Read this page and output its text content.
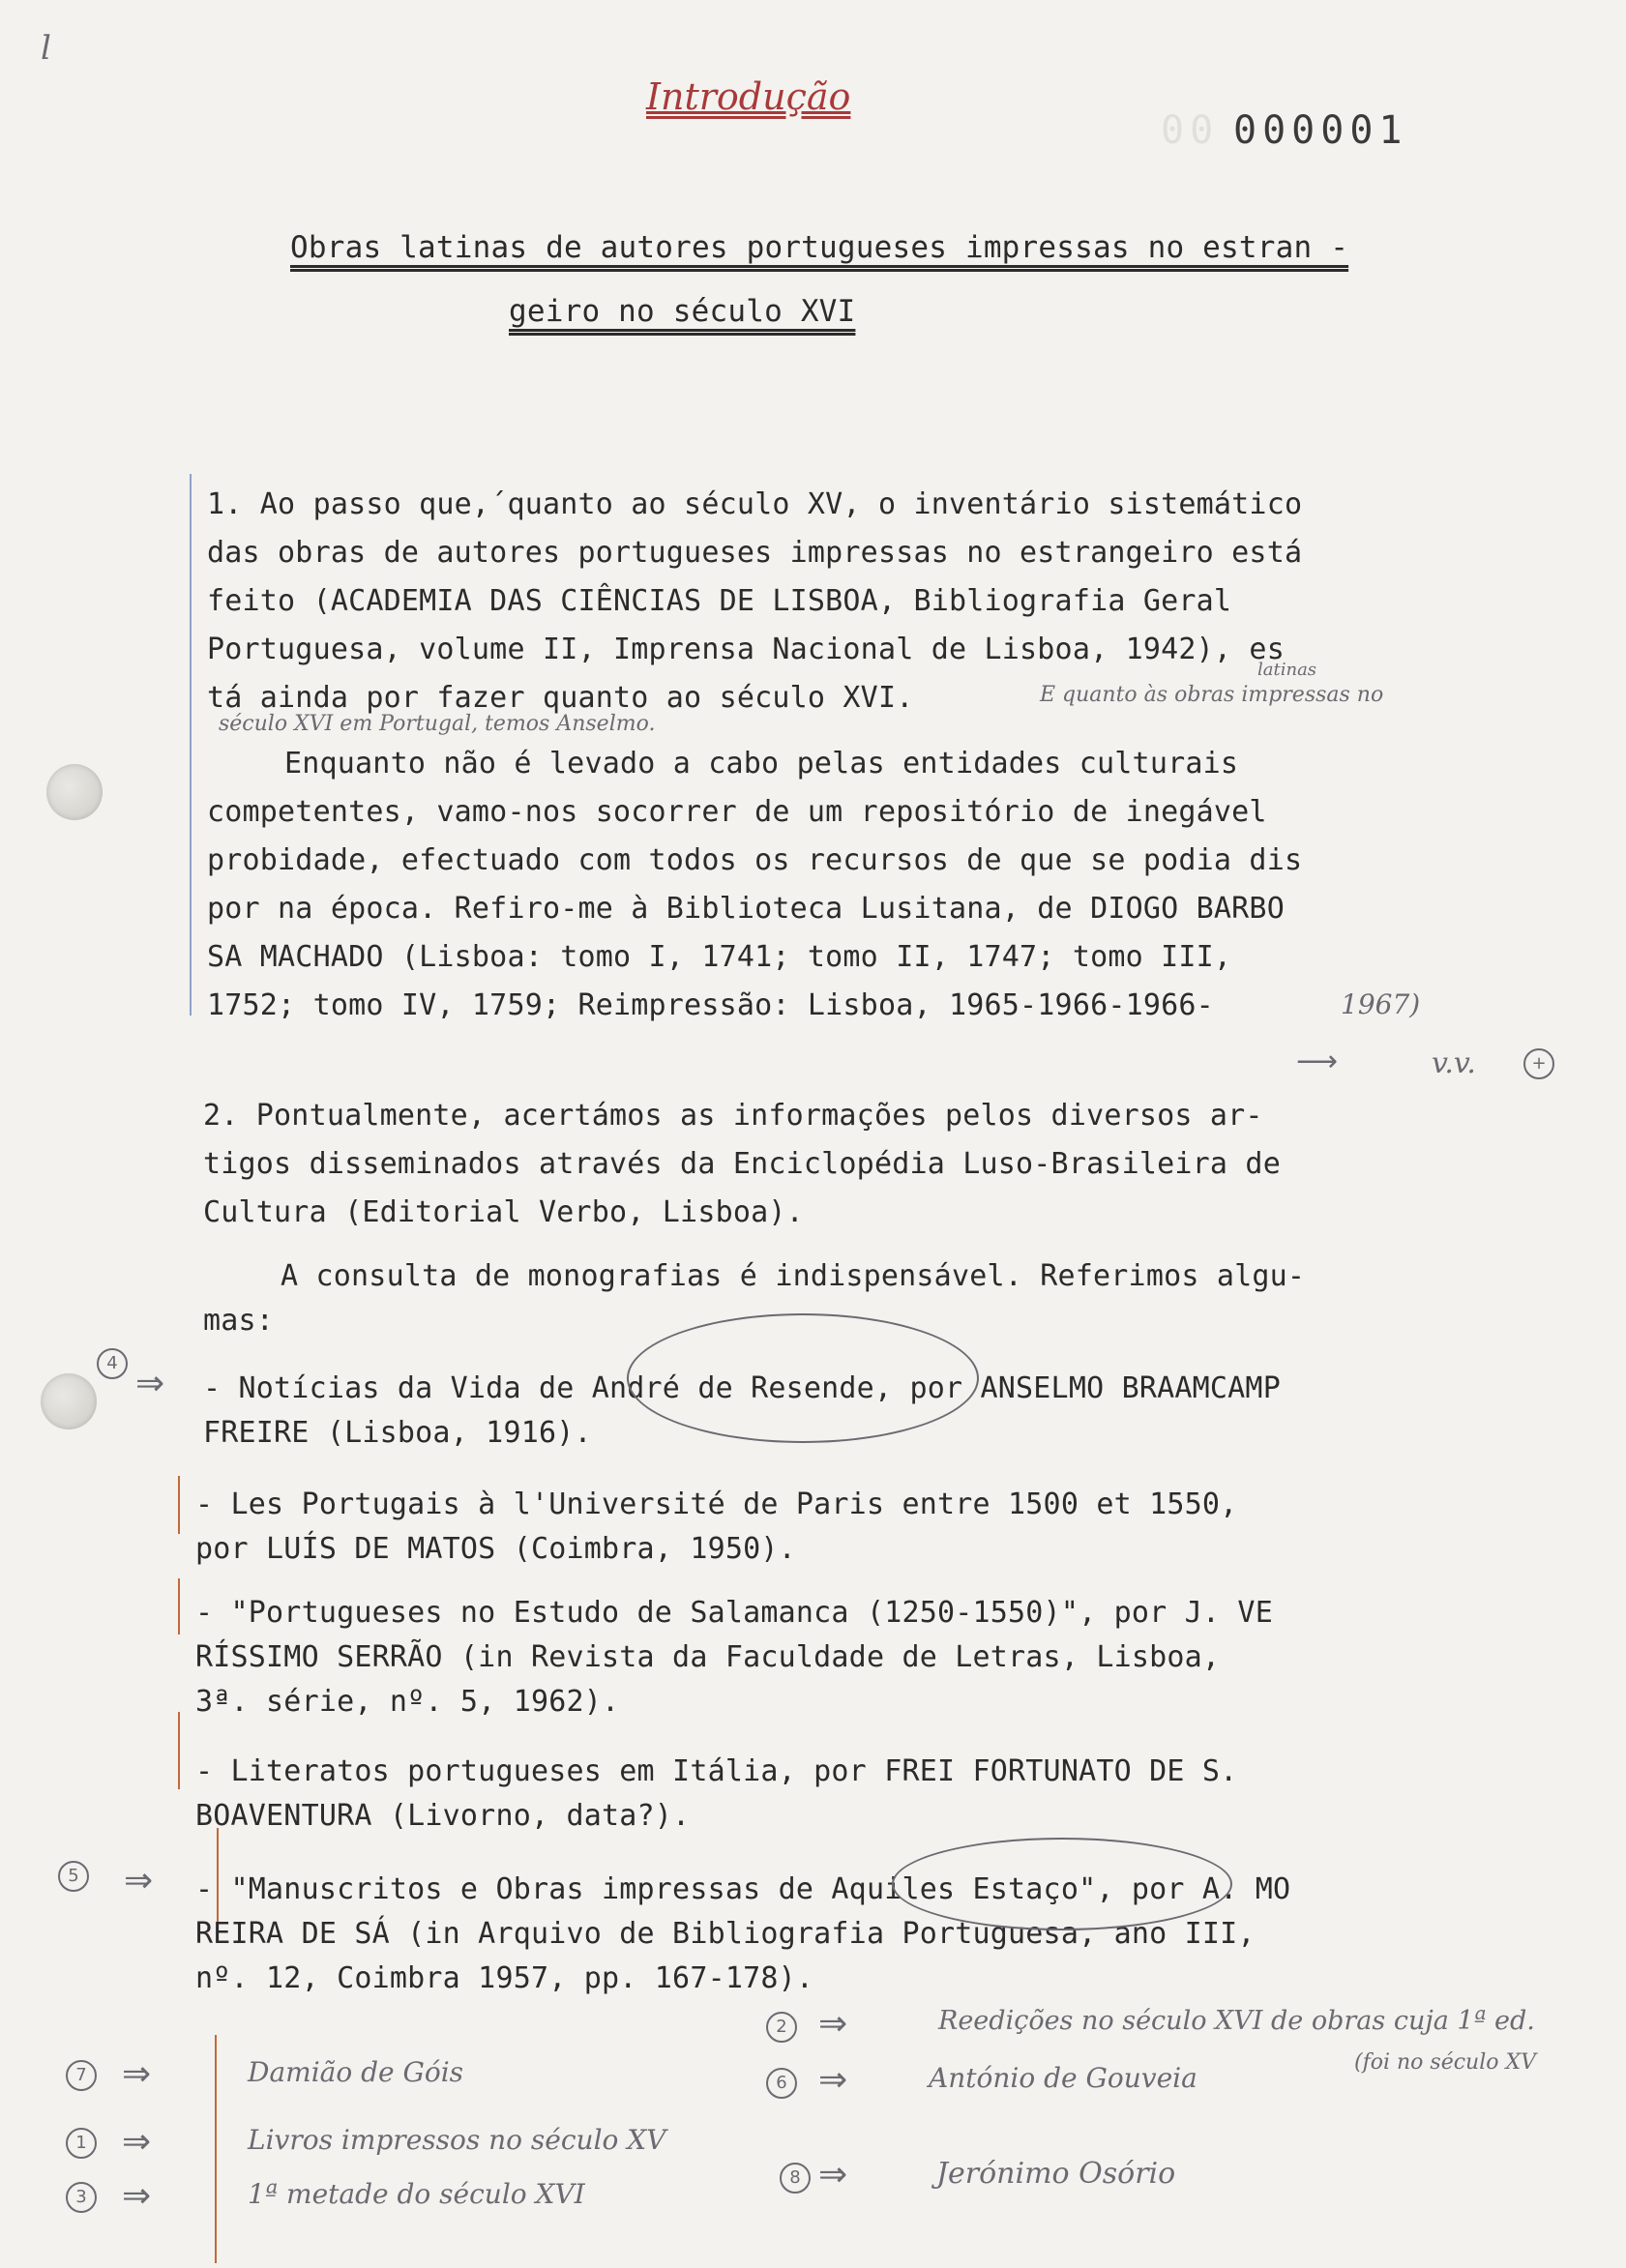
l
Introdução
00 000001
Obras latinas de autores portugueses impressas no estran -
geiro no século XVI
1. Ao passo que,´quanto ao século XV, o inventário sistemático
das obras de autores portugueses impressas no estrangeiro está
feito (ACADEMIA DAS CIÊNCIAS DE LISBOA, Bibliografia Geral
Portuguesa, volume II, Imprensa Nacional de Lisboa, 1942), es
tá ainda por fazer quanto ao século XVI.
latinas
E quanto às obras impressas no
século XVI em Portugal, temos Anselmo.
Enquanto não é levado a cabo pelas entidades culturais
competentes, vamo-nos socorrer de um repositório de inegável
probidade, efectuado com todos os recursos de que se podia dis
por na época. Refiro-me à Biblioteca Lusitana, de DIOGO BARBO
SA MACHADO (Lisboa: tomo I, 1741; tomo II, 1747; tomo III,
1752; tomo IV, 1759; Reimpressão: Lisboa, 1965-1966-1966-	1967)
⟶	v.v.	+
2. Pontualmente, acertámos as informações pelos diversos ar-
tigos disseminados através da Enciclopédia Luso-Brasileira de
Cultura (Editorial Verbo, Lisboa).
A consulta de monografias é indispensável. Referimos algu-
mas:
4
⇒ - Notícias da Vida de André de Resende, por ANSELMO BRAAMCAMP
FREIRE (Lisboa, 1916).
- Les Portugais à l'Université de Paris entre 1500 et 1550,
por LUÍS DE MATOS (Coimbra, 1950).
- "Portugueses no Estudo de Salamanca (1250-1550)", por J. VE
RÍSSIMO SERRÃO (in Revista da Faculdade de Letras, Lisboa,
3ª. série, nº. 5, 1962).
- Literatos portugueses em Itália, por FREI FORTUNATO DE S.
BOAVENTURA (Livorno, data?).
5 ⇒ - "Manuscritos e Obras impressas de Aquiles Estaço", por A. MO
REIRA DE SÁ (in Arquivo de Bibliografia Portuguesa, ano III,
nº. 12, Coimbra 1957, pp. 167-178).
7 ⇒	Damião de Góis
1 ⇒	Livros impressos no século XV
3 ⇒	1ª metade do século XVI
2 ⇒	Reedições no século XVI de obras cuja 1ª ed.
(foi no século XV
6 ⇒	António de Gouveia
8 ⇒	Jerónimo Osório
